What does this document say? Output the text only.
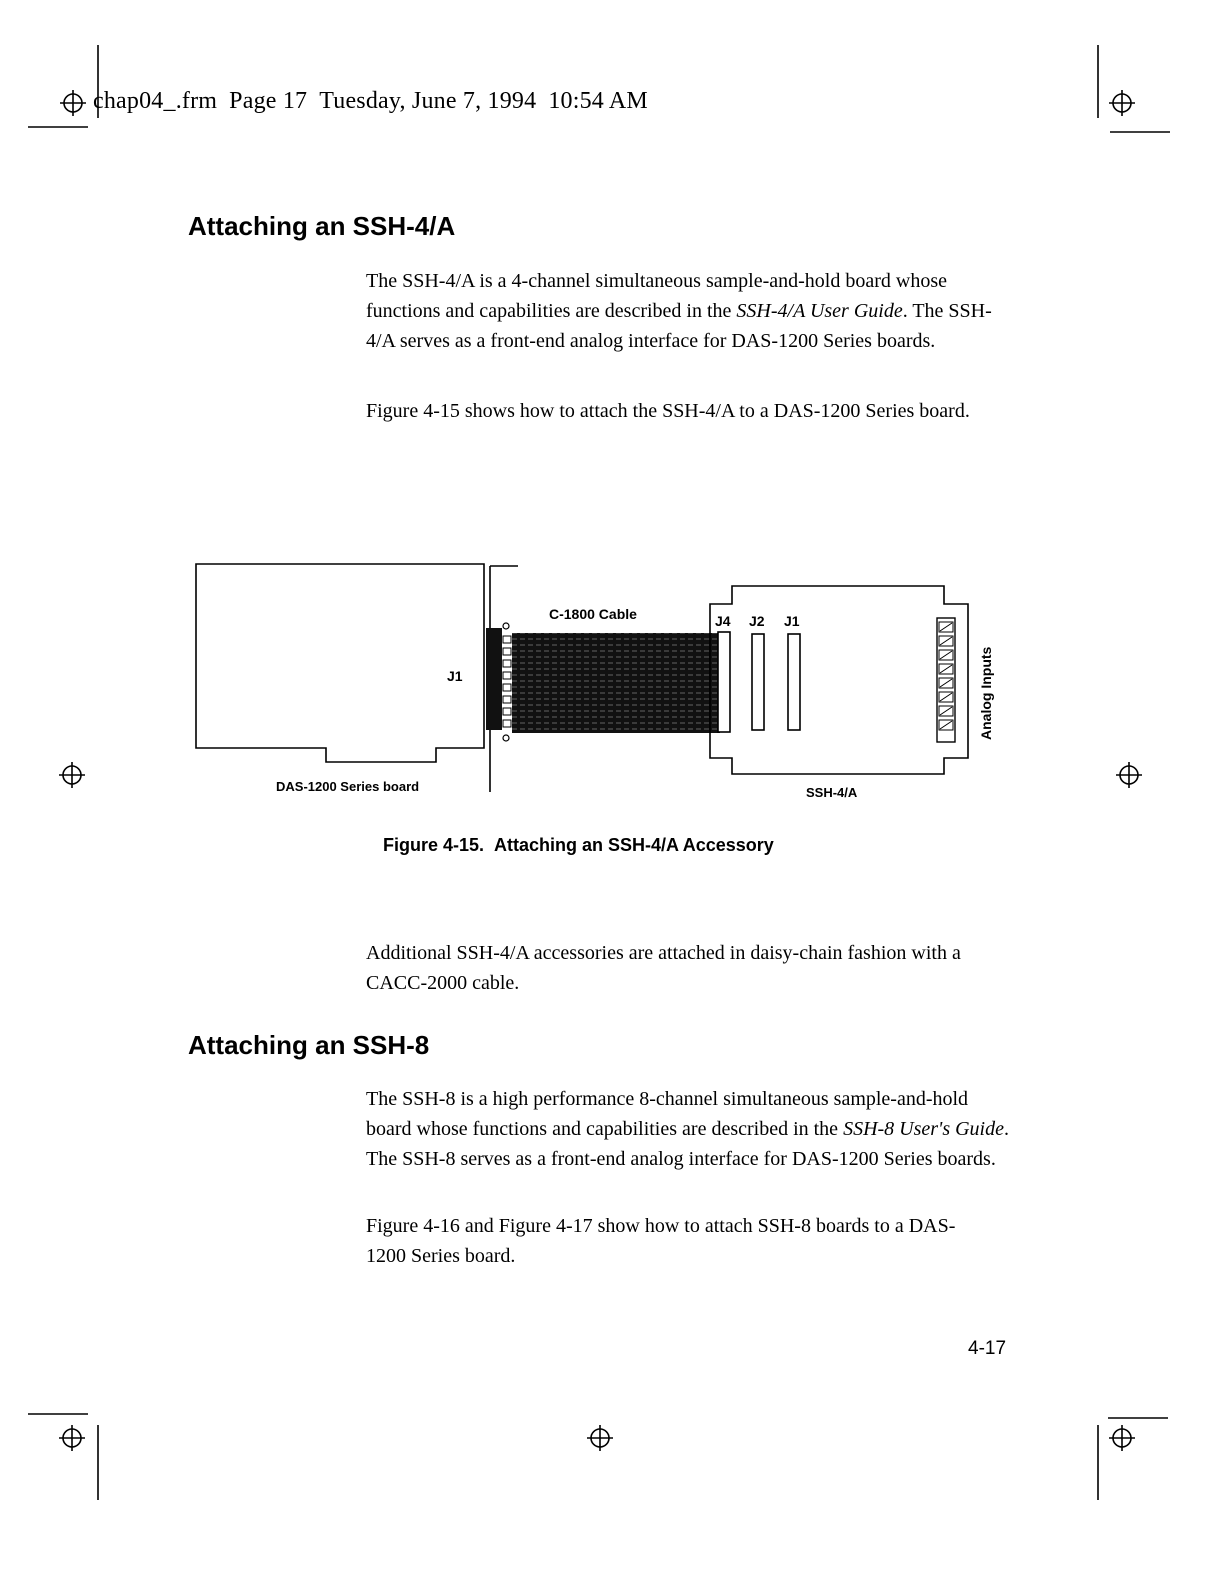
chap04_.frm Page 17 Tuesday, June 7, 1994 10:54 AM
Attaching an SSH-4/A

The SSH-4/A is a 4-channel simultaneous sample-and-hold board whose functions and capabilities are described in the SSH-4/A User Guide. The SSH-4/A serves as a front-end analog interface for DAS-1200 Series boards.

Figure 4-15 shows how to attach the SSH-4/A to a DAS-1200 Series board.

J1
C-1800 Cable	J4 J2 J1
Analog Inputs
DAS-1200 Series board	SSH-4/A
Figure 4-15. Attaching an SSH-4/A Accessory

Additional SSH-4/A accessories are attached in daisy-chain fashion with a CACC-2000 cable.

Attaching an SSH-8

The SSH-8 is a high performance 8-channel simultaneous sample-and-hold board whose functions and capabilities are described in the SSH-8 User's Guide. The SSH-8 serves as a front-end analog interface for DAS-1200 Series boards.

Figure 4-16 and Figure 4-17 show how to attach SSH-8 boards to a DAS-1200 Series board.

4-17
